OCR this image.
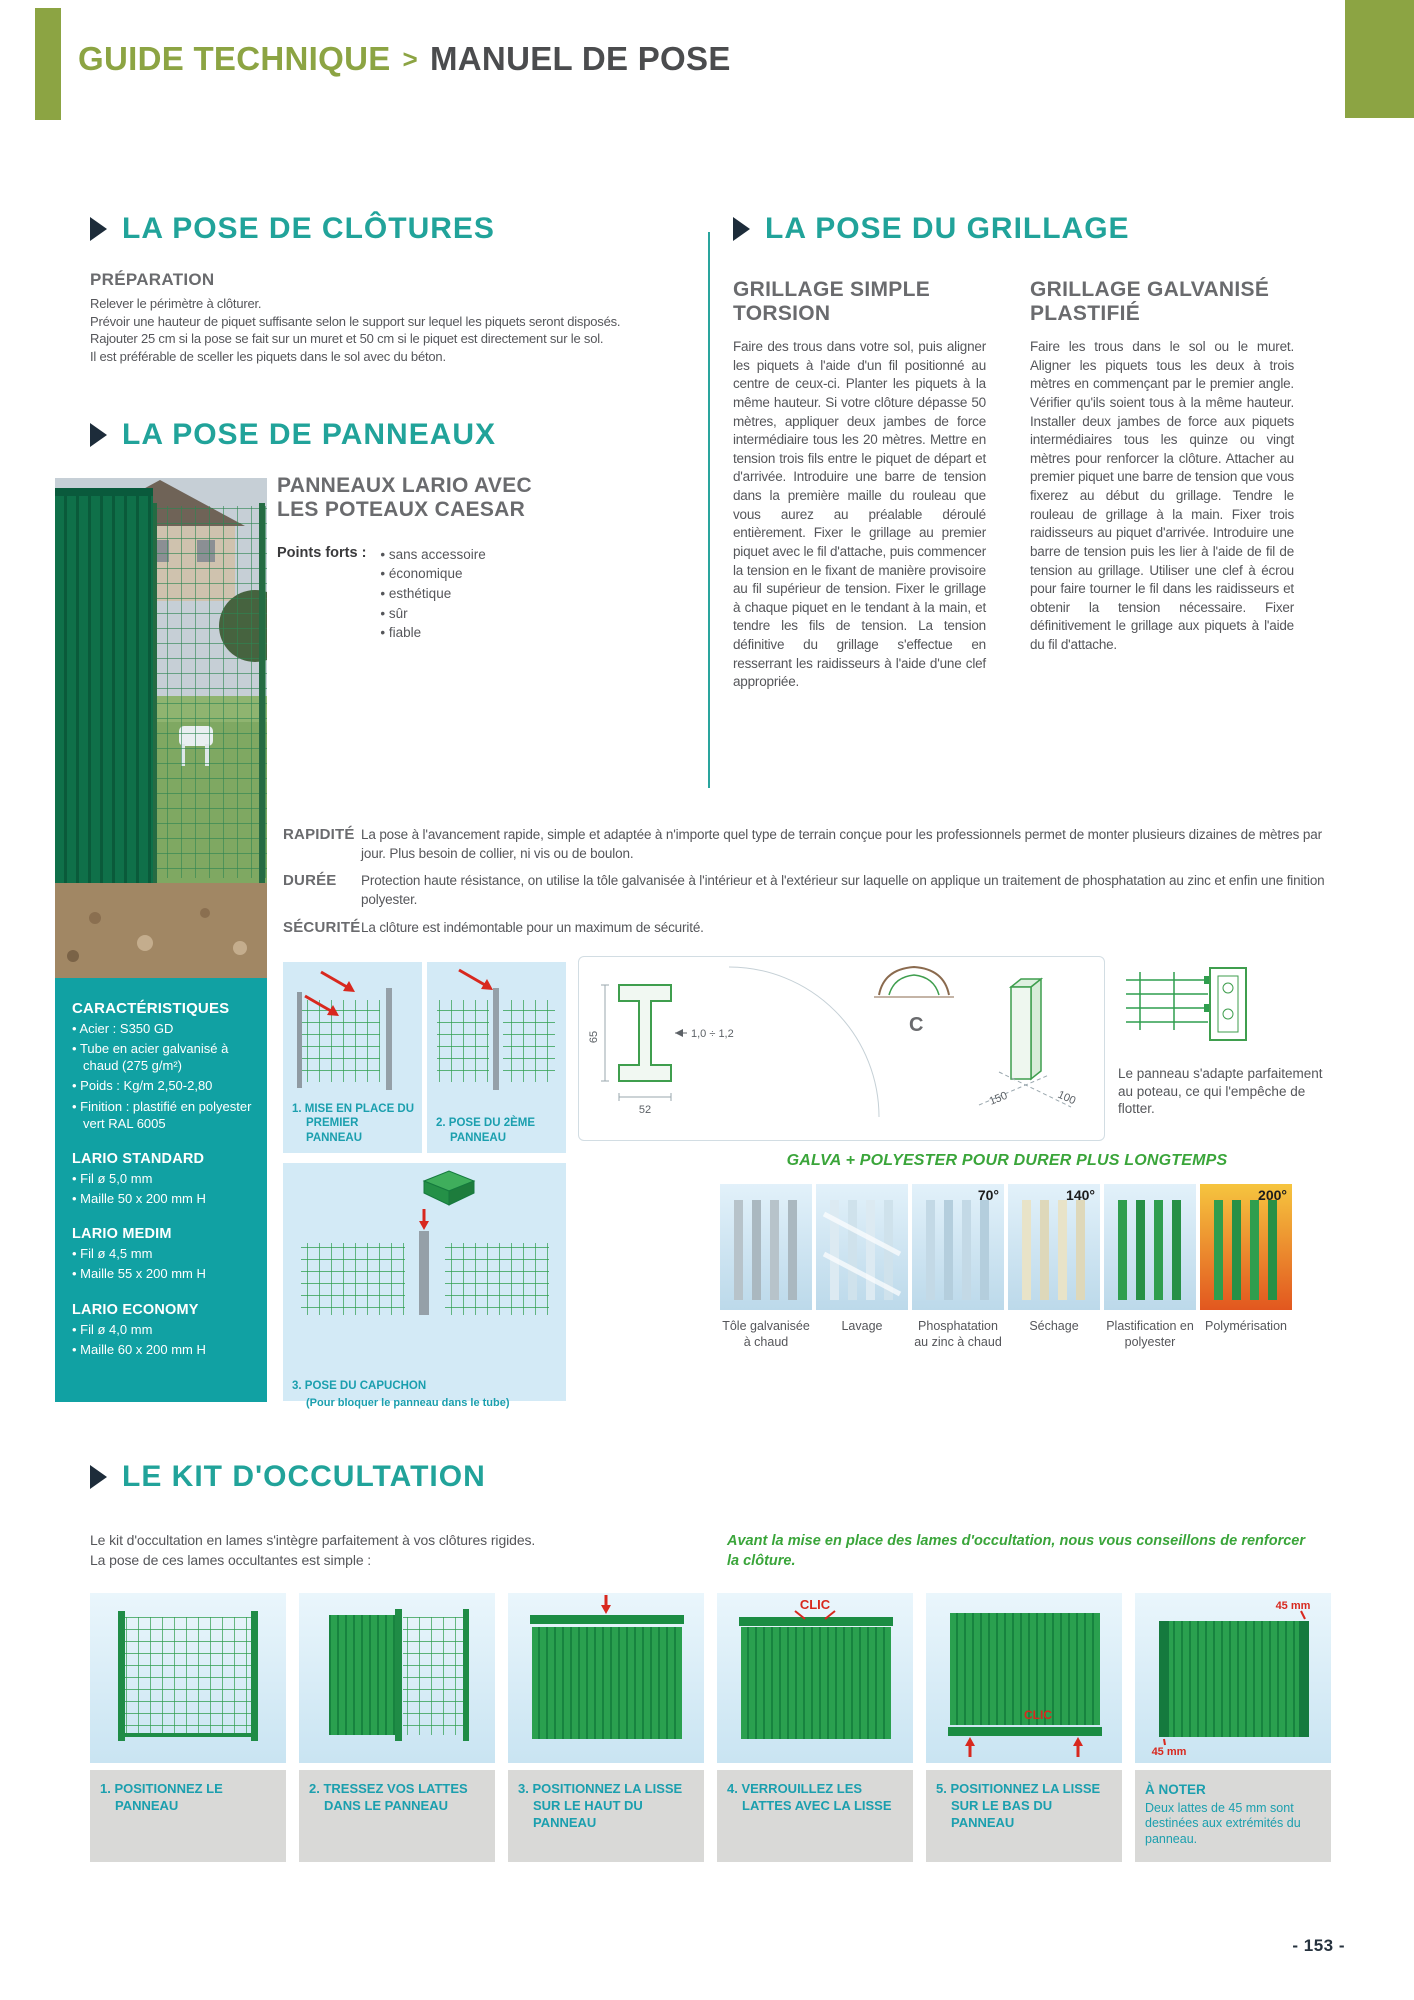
GUIDE TECHNIQUE > MANUEL DE POSE
LA POSE DE CLÔTURES
PRÉPARATION
Relever le périmètre à clôturer.
Prévoir une hauteur de piquet suffisante selon le support sur lequel les piquets seront disposés.
Rajouter 25 cm si la pose se fait sur un muret et 50 cm si le piquet est directement sur le sol.
Il est préférable de sceller les piquets dans le sol avec du béton.
LA POSE DU GRILLAGE
GRILLAGE SIMPLE TORSION
Faire des trous dans votre sol, puis aligner les piquets à l'aide d'un fil positionné au centre de ceux-ci. Planter les piquets à la même hauteur. Si votre clôture dépasse 50 mètres, appliquer deux jambes de force intermédiaire tous les 20 mètres. Mettre en tension trois fils entre le piquet de départ et d'arrivée. Introduire une barre de tension dans la première maille du rouleau que vous aurez au préalable déroulé entièrement. Fixer le grillage au premier piquet avec le fil d'attache, puis commencer la tension en le fixant de manière provisoire au fil supérieur de tension. Fixer le grillage à chaque piquet en le tendant à la main, et tendre les fils de tension. La tension définitive du grillage s'effectue en resserrant les raidisseurs à l'aide d'une clef appropriée.
GRILLAGE GALVANISÉ PLASTIFIÉ
Faire les trous dans le sol ou le muret. Aligner les piquets tous les deux à trois mètres en commençant par le premier angle. Vérifier qu'ils soient tous à la même hauteur. Installer deux jambes de force aux piquets intermédiaires tous les quinze ou vingt mètres pour renforcer la clôture. Attacher au premier piquet une barre de tension que vous fixerez au début du grillage. Tendre le rouleau de grillage à la main. Fixer trois raidisseurs au piquet d'arrivée. Introduire une barre de tension puis les lier à l'aide de fil de tension au grillage. Utiliser une clef à écrou pour faire tourner le fil dans les raidisseurs et obtenir la tension nécessaire. Fixer définitivement le grillage aux piquets à l'aide du fil d'attache.
LA POSE DE PANNEAUX
CARACTÉRISTIQUES
• Acier : S350 GD
• Tube en acier galvanisé à chaud (275 g/m²)
• Poids : Kg/m 2,50-2,80
• Finition : plastifié en polyester vert RAL 6005
LARIO STANDARD
• Fil ø 5,0 mm
• Maille 50 x 200 mm H
LARIO MEDIM
• Fil ø 4,5 mm
• Maille 55 x 200 mm H
LARIO ECONOMY
• Fil ø 4,0 mm
• Maille 60 x 200 mm H
PANNEAUX LARIO AVEC LES POTEAUX CAESAR
Points forts :	• sans accessoire
• économique
• esthétique
• sûr
• fiable
RAPIDITÉ La pose à l'avancement rapide, simple et adaptée à n'importe quel type de terrain conçue pour les professionnels permet de monter plusieurs dizaines de mètres par jour. Plus besoin de collier, ni vis ou de boulon.
DURÉE	Protection haute résistance, on utilise la tôle galvanisée à l'intérieur et à l'extérieur sur laquelle on applique un traitement de phosphatation au zinc et enfin une finition polyester.
SÉCURITÉ La clôture est indémontable pour un maximum de sécurité.
1. MISE EN PLACE DU PREMIER PANNEAU
2. POSE DU 2ÈME PANNEAU
3. POSE DU CAPUCHON
(Pour bloquer le panneau dans le tube)
65	1,0 ÷ 1,2
52
C
150	100
Le panneau s'adapte parfaitement au poteau, ce qui l'empêche de flotter.
GALVA + POLYESTER POUR DURER PLUS LONGTEMPS
70°	140°	200°
Tôle galvanisée à chaud
Lavage	Phosphatation au zinc à chaud
Séchage	Plastification en polyester
Polymérisation
LE KIT D'OCCULTATION
Le kit d'occultation en lames s'intègre parfaitement à vos clôtures rigides.
La pose de ces lames occultantes est simple :
Avant la mise en place des lames d'occultation, nous vous conseillons de renforcer la clôture.
1. POSITIONNEZ LE PANNEAU
2. TRESSEZ VOS LATTES DANS LE PANNEAU
3. POSITIONNEZ LA LISSE SUR LE HAUT DU PANNEAU
CLIC
4. VERROUILLEZ LES LATTES AVEC LA LISSE
CLIC
5. POSITIONNEZ LA LISSE SUR LE BAS DU PANNEAU
45 mm
45 mm
À NOTER
Deux lattes de 45 mm sont destinées aux extrémités du panneau.
- 153 -
